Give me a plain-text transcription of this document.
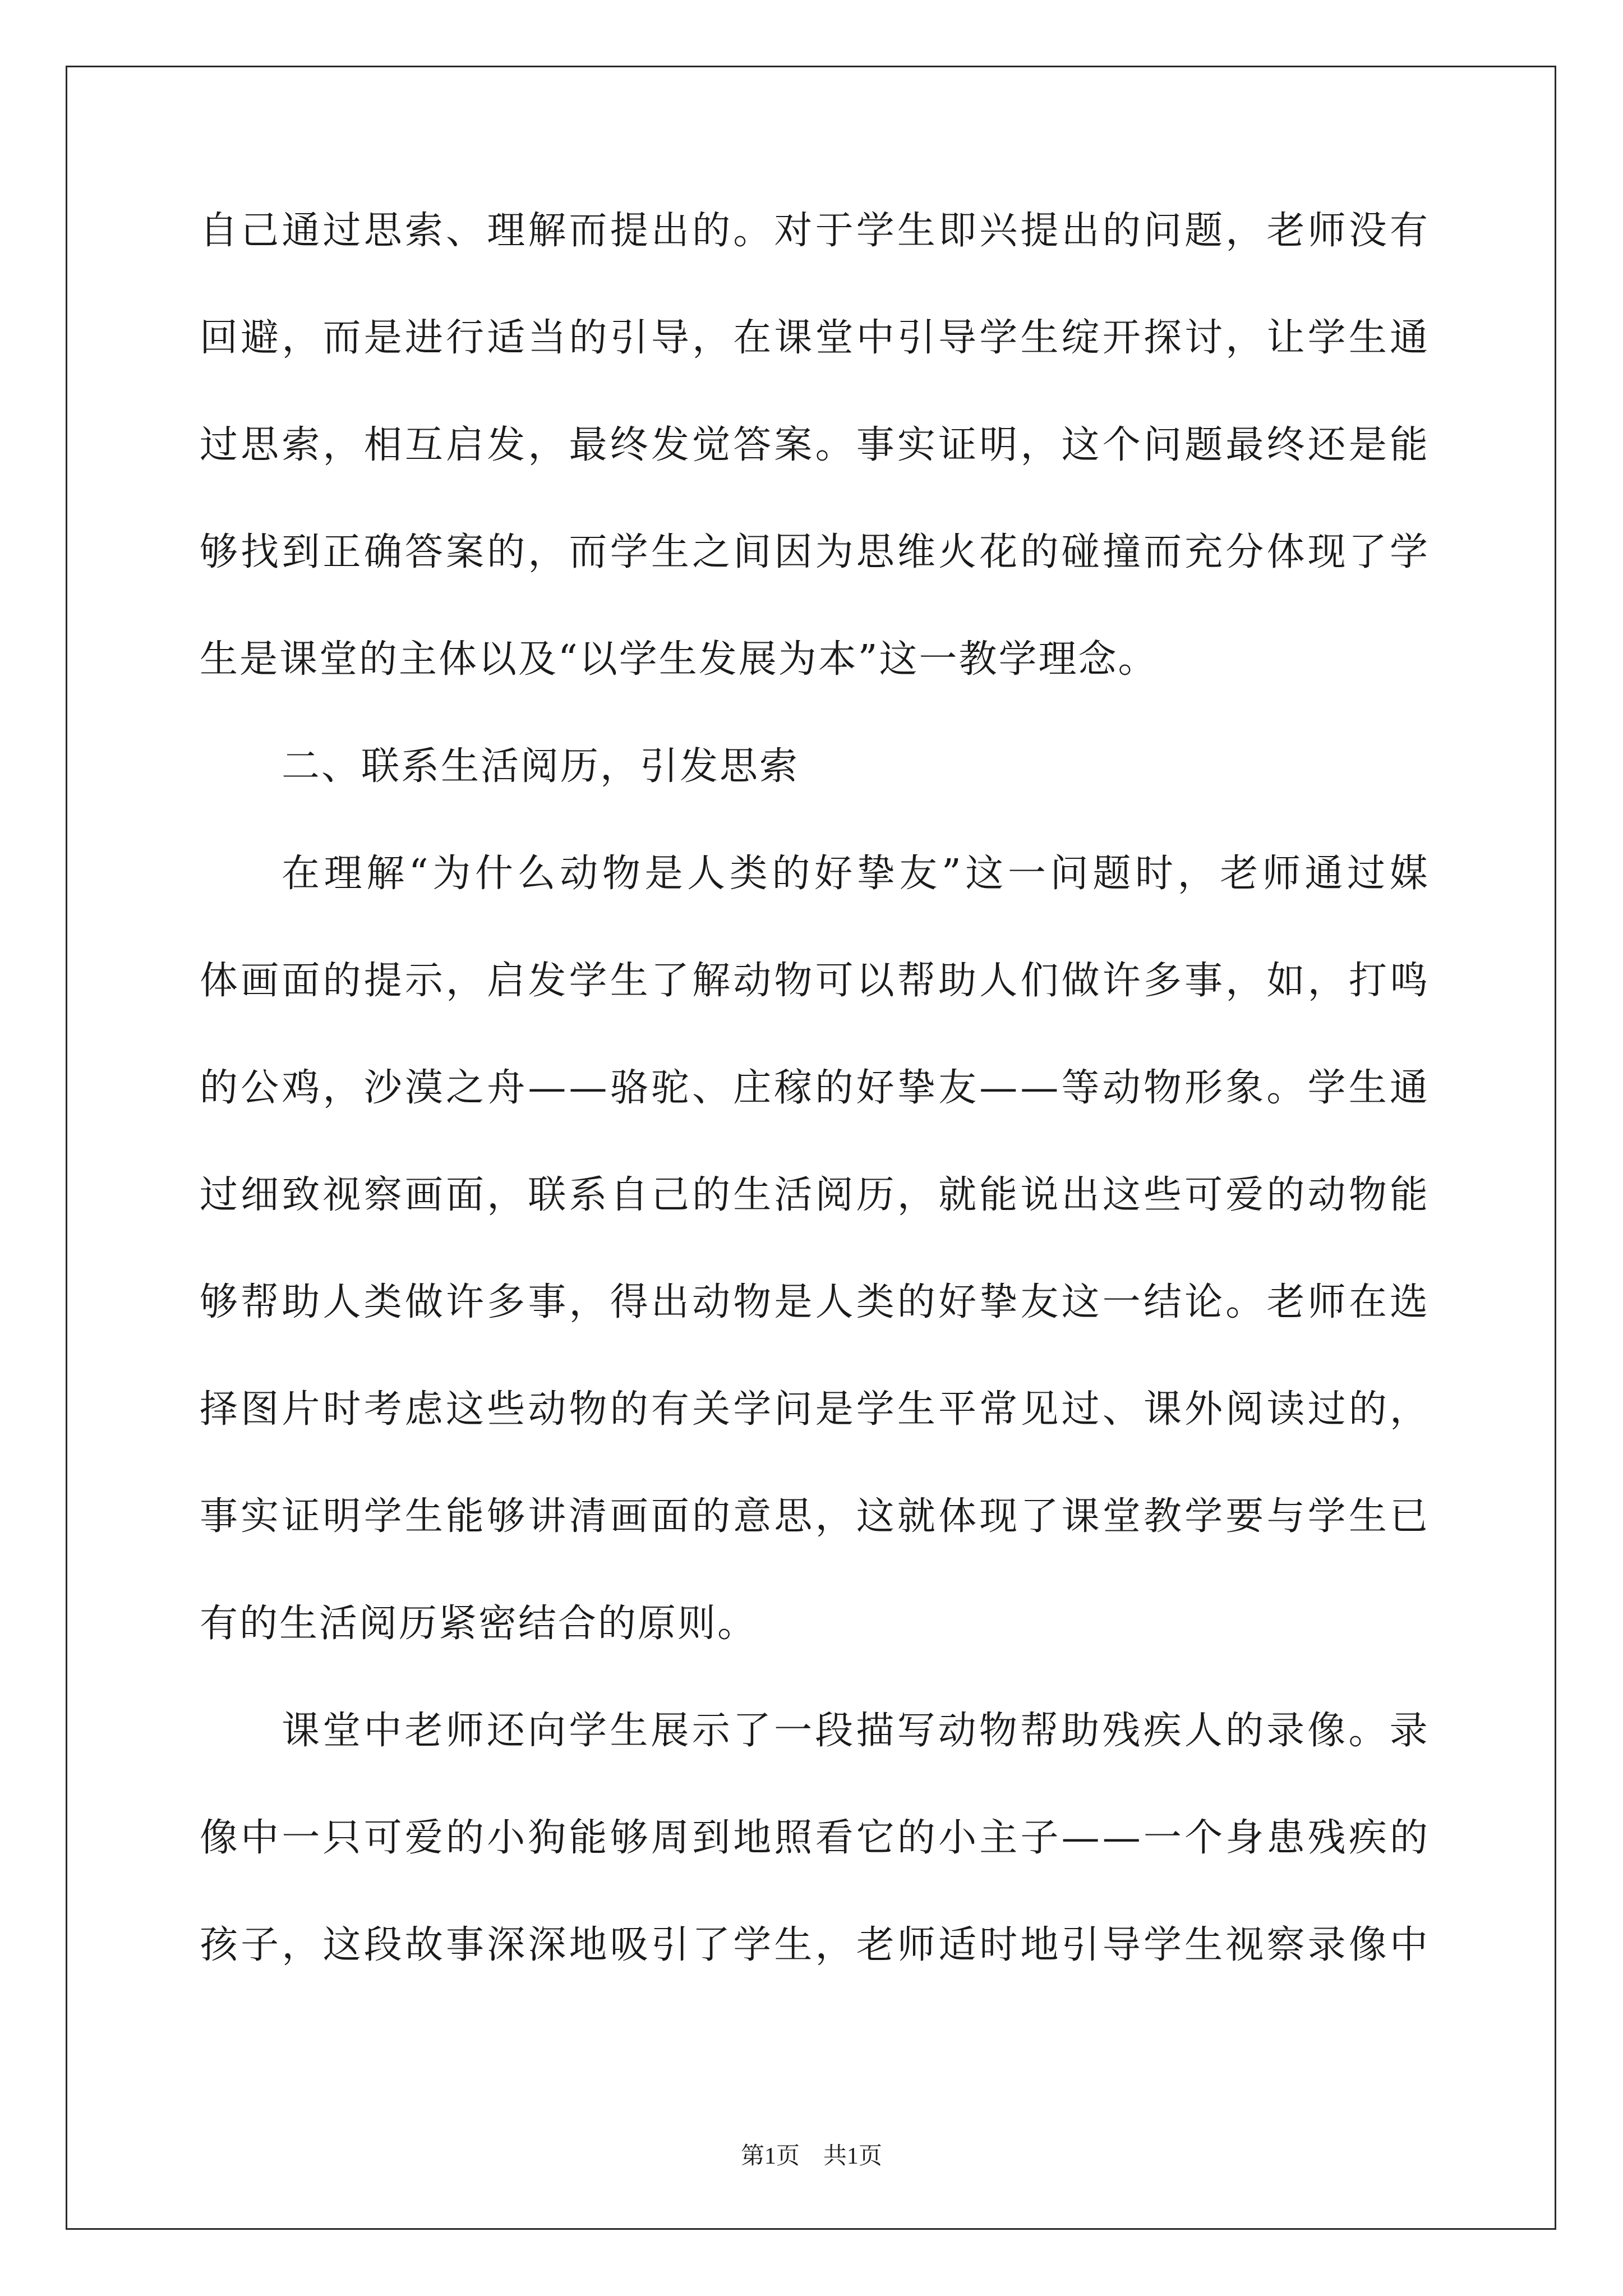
自 己 通 过 思 索 、 理 解 而 提 出 的 。 对 于 学 生 即 兴 提 出 的 问 题 ， 老 师 没 有
回 避 ， 而 是 进 行 适 当 的 引 导 ， 在 课 堂 中 引 导 学 生 绽 开 探 讨 ， 让 学 生 通
过 思 索 ， 相 互 启 发 ， 最 终 发 觉 答 案 。 事 实 证 明 ， 这 个 问 题 最 终 还 是 能
够 找 到 正 确 答 案 的 ， 而 学 生 之 间 因 为 思 维 火 花 的 碰 撞 而 充 分 体 现 了 学
生是课堂的主体以及“以学生发展为本”这一教学理念。
二、联系生活阅历，引发思索
在 理 解 “ 为 什 么 动 物 是 人 类 的 好 挚 友 ” 这 一 问 题 时 ， 老 师 通 过 媒
体 画 面 的 提 示 ， 启 发 学 生 了 解 动 物 可 以 帮 助 人 们 做 许 多 事 ， 如 ， 打 鸣
的 公 鸡 ， 沙 漠 之 舟 — — 骆 驼 、 庄 稼 的 好 挚 友 — — 等 动 物 形 象 。 学 生 通
过 细 致 视 察 画 面 ， 联 系 自 己 的 生 活 阅 历 ， 就 能 说 出 这 些 可 爱 的 动 物 能
够 帮 助 人 类 做 许 多 事 ， 得 出 动 物 是 人 类 的 好 挚 友 这 一 结 论 。 老 师 在 选
择 图 片 时 考 虑 这 些 动 物 的 有 关 学 问 是 学 生 平 常 见 过 、 课 外 阅 读 过 的 ，
事 实 证 明 学 生 能 够 讲 清 画 面 的 意 思 ， 这 就 体 现 了 课 堂 教 学 要 与 学 生 已
有的生活阅历紧密结合的原则。
课 堂 中 老 师 还 向 学 生 展 示 了 一 段 描 写 动 物 帮 助 残 疾 人 的 录 像 。 录
像 中 一 只 可 爱 的 小 狗 能 够 周 到 地 照 看 它 的 小 主 子 — — 一 个 身 患 残 疾 的
孩 子 ， 这 段 故 事 深 深 地 吸 引 了 学 生 ， 老 师 适 时 地 引 导 学 生 视 察 录 像 中
第1页　共1页
